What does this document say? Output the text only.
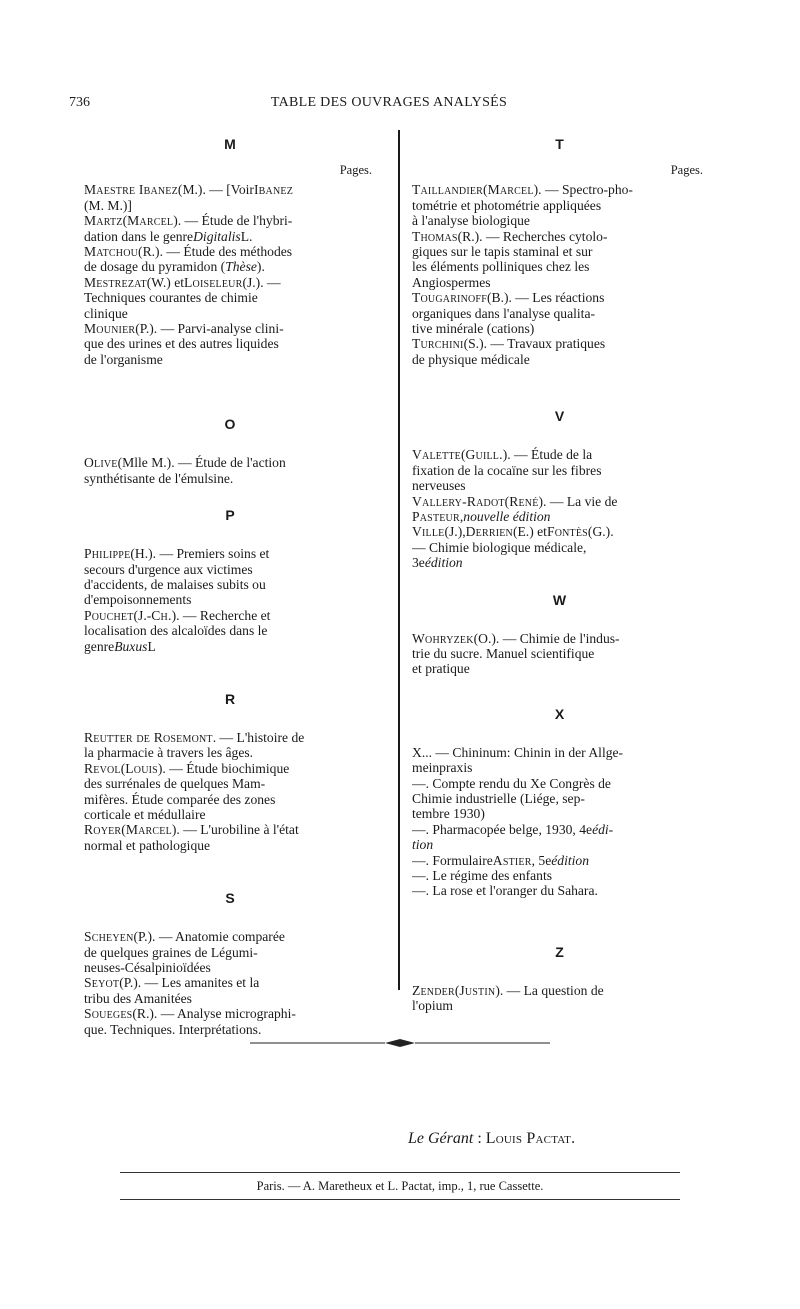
736	TABLE DES OUVRAGES ANALYSÉS
M
Pages.
Maestre Ibanez (M.). — [Voir Ibanez
(M. M.)]
Martz ( Marcel ). — Étude de l'hybri-
dation dans le genre Digitalis L.
Matchou (R.). — Étude des méthodes
de dosage du pyramidon ( Thèse ).
Mestrezat (W.) et Loiseleur (J.). —
Techniques courantes de chimie
clinique
Mounier (P.). — Parvi-analyse clini-
que des urines et des autres liquides
de l'organisme
O
Olive (Mlle M.). — Étude de l'action
synthétisante de l'émulsine.
P
Philippe (H.). — Premiers soins et
secours d'urgence aux victimes
d'accidents, de malaises subits ou
d'empoisonnements
Pouchet (J.- Ch. ). — Recherche et
localisation des alcaloïdes dans le
genre Buxus L
R
Reutter de Rosemont . — L'histoire de
la pharmacie à travers les âges.
Revol ( Louis ). — Étude biochimique
des surrénales de quelques Mam-
mifères. Étude comparée des zones
corticale et médullaire
Royer ( Marcel ). — L'urobiline à l'état
normal et pathologique
S
Scheyen (P.). — Anatomie comparée
de quelques graines de Légumi-
neuses-Césalpinioïdées
Seyot (P.). — Les amanites et la
tribu des Amanitées
Soueges (R.). — Analyse micrographi-
que. Techniques. Interprétations.
T
Pages.
Taillandier ( Marcel ). — Spectro-pho-
tométrie et photométrie appliquées
à l'analyse biologique
Thomas (R.). — Recherches cytolo-
giques sur le tapis staminal et sur
les éléments polliniques chez les
Angiospermes
Tougarinoff (B.). — Les réactions
organiques dans l'analyse qualita-
tive minérale (cations)
Turchini (S.). — Travaux pratiques
de physique médicale
V
Valette ( Guill. ). — Étude de la
fixation de la cocaïne sur les fibres
nerveuses
Vallery-Radot ( René ). — La vie de
Pasteur , nouvelle édition
Ville (J.), Derrien (E.) et Fontès (G.).
— Chimie biologique médicale,
3e édition
W
Wohryzek (O.). — Chimie de l'indus-
trie du sucre. Manuel scientifique
et pratique
X
X... — Chininum: Chinin in der Allge-
meinpraxis
—. Compte rendu du Xe Congrès de
Chimie industrielle (Liége, sep-
tembre 1930)
—. Pharmacopée belge, 1930, 4e édi-
tion
—. Formulaire Astier , 5e édition
—. Le régime des enfants
—. La rose et l'oranger du Sahara.
Z
Zender ( Justin ). — La question de
l'opium
Le Gérant : Louis Pactat.
Paris. — A. Maretheux et L. Pactat, imp., 1, rue Cassette.
